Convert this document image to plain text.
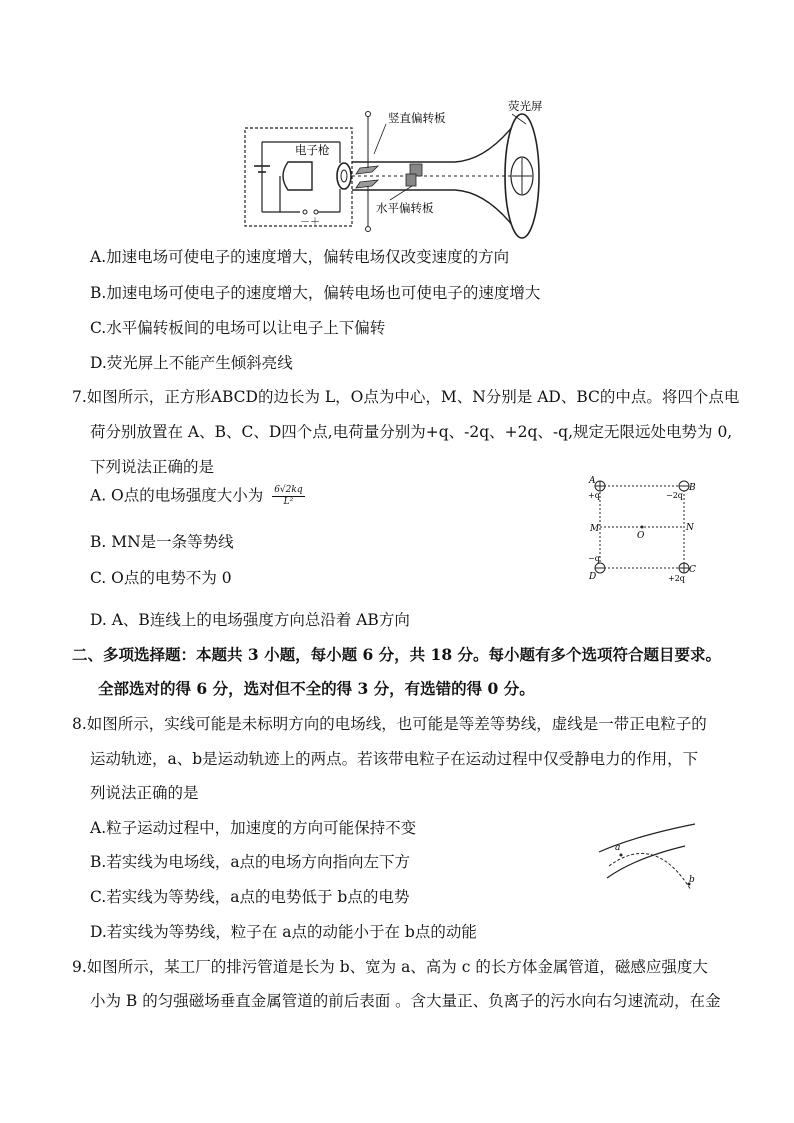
－＋
电子枪
竖直偏转板
荧光屏
水平偏转板
A.加速电场可使电子的速度增大，偏转电场仅改变速度的方向
B.加速电场可使电子的速度增大，偏转电场也可使电子的速度增大
C.水平偏转板间的电场可以让电子上下偏转
D.荧光屏上不能产生倾斜亮线
7.如图所示，正方形ABCD的边长为 L，O点为中心，M、N分别是 AD、BC的中点。将四个点电
荷分别放置在 A、B、C、D四个点,电荷量分别为+q、-2q、+2q、-q,规定无限远处电势为 0,
下列说法正确的是
A. O点的电场强度大小为 $\frac{6√2kq}{\text{L²}}$
B. MN是一条等势线
C. O点的电势不为 0
D. A、B连线上的电场强度方向总沿着 AB方向
A
B
C
D
M	N
O
+q	−2q
+2q
−q
二、多项选择题：本题共 3 小题，每小题 6 分，共 18 分。每小题有多个选项符合题目要求。
全部选对的得 6 分，选对但不全的得 3 分，有选错的得 0 分。
8.如图所示，实线可能是未标明方向的电场线，也可能是等差等势线，虚线是一带正电粒子的
运动轨迹，a、b是运动轨迹上的两点。若该带电粒子在运动过程中仅受静电力的作用，下
列说法正确的是
A.粒子运动过程中，加速度的方向可能保持不变
B.若实线为电场线，a点的电场方向指向左下方
C.若实线为等势线，a点的电势低于 b点的电势
D.若实线为等势线，粒子在 a点的动能小于在 b点的动能
a
b
9.如图所示，某工厂的排污管道是长为 b、宽为 a、高为 c 的长方体金属管道，磁感应强度大
小为 B 的匀强磁场垂直金属管道的前后表面 。含大量正、负离子的污水向右匀速流动，在金
